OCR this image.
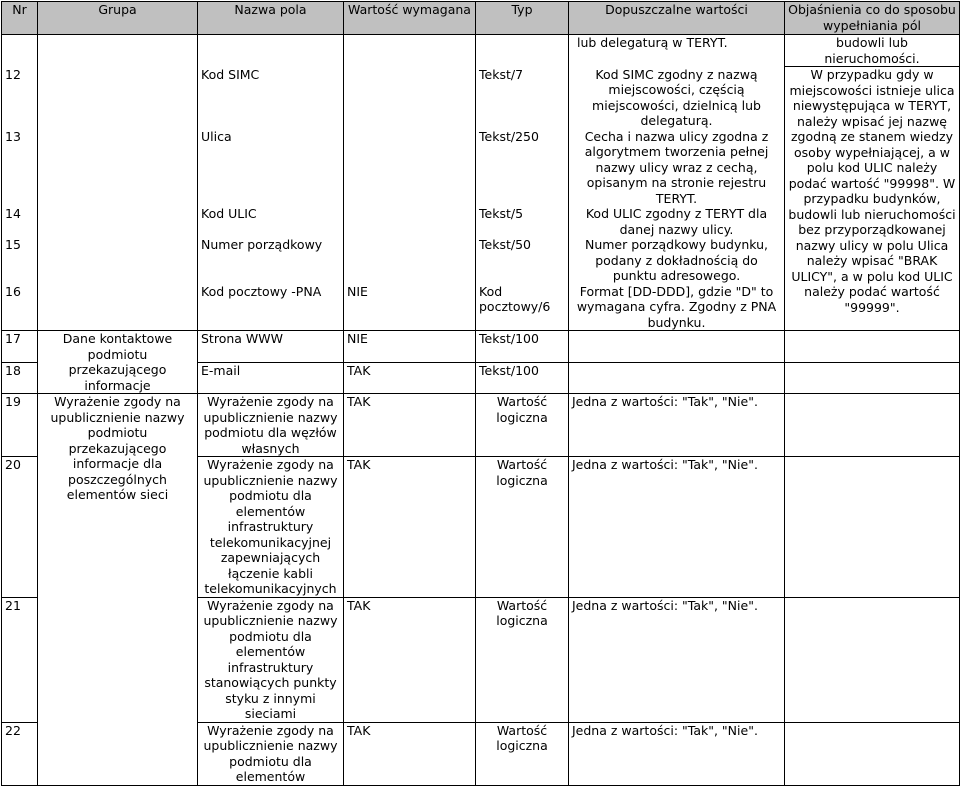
Nr	Grupa	Nazwa pola	Wartość wymagana	Typ	Dopuszczalne wartości	Objaśnienia co do sposobu wypełniania pól
					lub delegaturą w TERYT.	budowli lub nieruchomości.
12		Kod SIMC		Tekst/7	Kod SIMC zgodny z nazwą miejscowości, częścią miejscowości, dzielnicą lub delegaturą.	W przypadku gdy w miejscowości istnieje ulica niewystępująca w TERYT, należy wpisać jej nazwę zgodną ze stanem wiedzy osoby wypełniającej, a w polu kod ULIC należy podać wartość "99998". W przypadku budynków, budowli lub nieruchomości bez przyporządkowanej nazwy ulicy w polu Ulica należy wpisać "BRAK ULICY", a w polu kod ULIC należy podać wartość "99999".
13		Ulica		Tekst/250	Cecha i nazwa ulicy zgodna z algorytmem tworzenia pełnej nazwy ulicy wraz z cechą, opisanym na stronie rejestru TERYT.	
14		Kod ULIC		Tekst/5	Kod ULIC zgodny z TERYT dla danej nazwy ulicy.	
15		Numer porządkowy		Tekst/50	Numer porządkowy budynku, podany z dokładnością do punktu adresowego.	
16		Kod pocztowy -PNA	NIE	Kod pocztowy/6	Format [DD-DDD], gdzie "D" to wymagana cyfra. Zgodny z PNA budynku.	
17	Dane kontaktowe podmiotu przekazującego informacje	Strona WWW	NIE	Tekst/100		
18		E-mail	TAK	Tekst/100		
19	Wyrażenie zgody na upublicznienie nazwy podmiotu przekazującego informacje dla poszczególnych elementów sieci	Wyrażenie zgody na upublicznienie nazwy podmiotu dla węzłów własnych	TAK	Wartość logiczna	Jedna z wartości: "Tak", "Nie".	
20		Wyrażenie zgody na upublicznienie nazwy podmiotu dla elementów infrastruktury telekomunikacyjnej zapewniających łączenie kabli telekomunikacyjnych	TAK	Wartość logiczna	Jedna z wartości: "Tak", "Nie".	
21		Wyrażenie zgody na upublicznienie nazwy podmiotu dla elementów infrastruktury stanowiących punkty styku z innymi sieciami	TAK	Wartość logiczna	Jedna z wartości: "Tak", "Nie".	
22		Wyrażenie zgody na upublicznienie nazwy podmiotu dla elementów	TAK	Wartość logiczna	Jedna z wartości: "Tak", "Nie".	
